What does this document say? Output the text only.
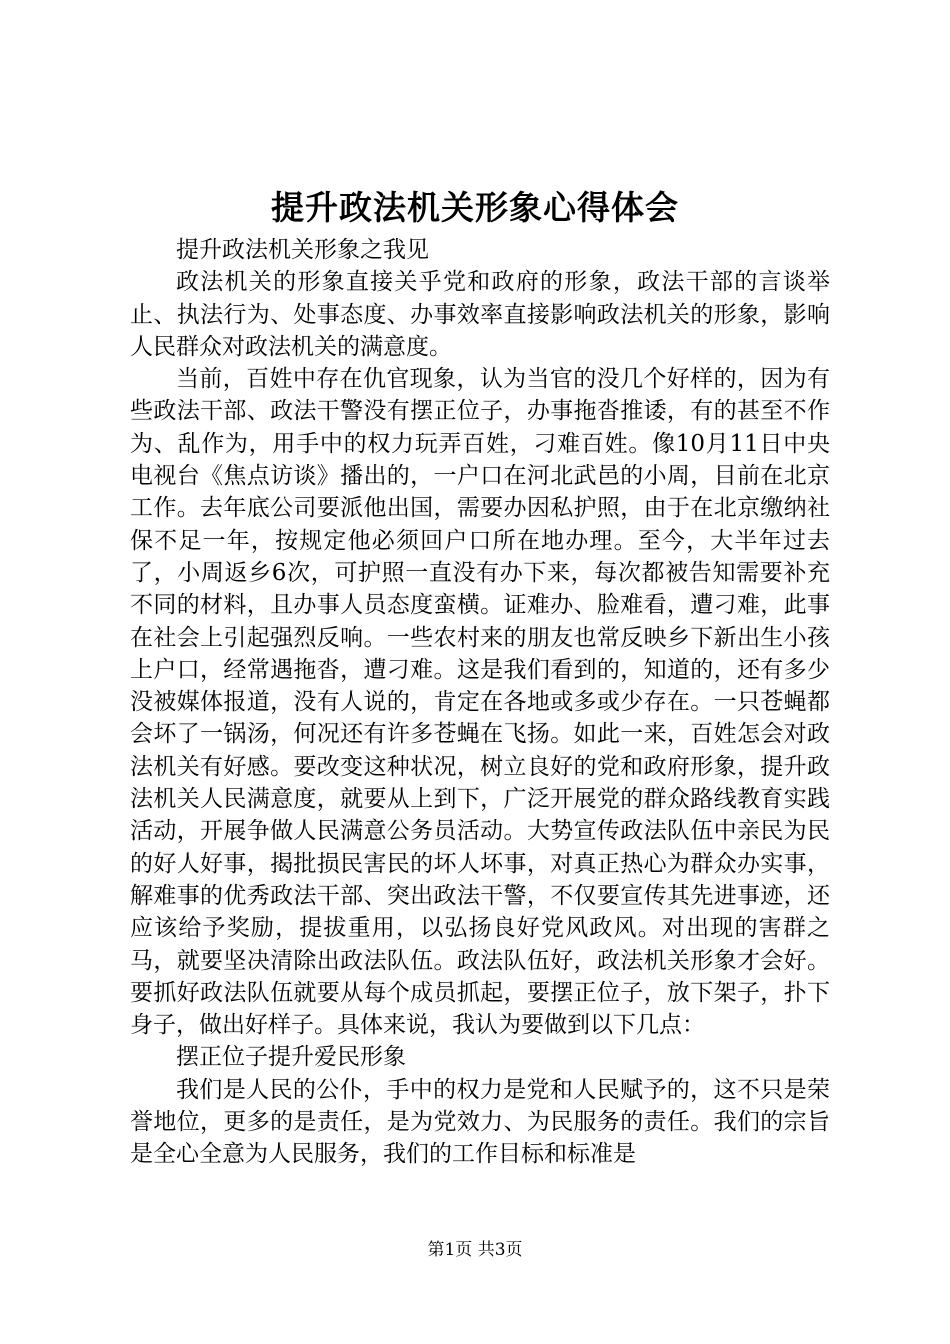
提升政法机关形象心得体会

提升政法机关形象之我见

政法机关的形象直接关乎党和政府的形象，政法干部的言谈举止、执法行为、处事态度、办事效率直接影响政法机关的形象，影响人民群众对政法机关的满意度。

当前，百姓中存在仇官现象，认为当官的没几个好样的，因为有些政法干部、政法干警没有摆正位子，办事拖沓推诿，有的甚至不作为、乱作为，用手中的权力玩弄百姓，刁难百姓。像10月11日中央电视台《焦点访谈》播出的，一户口在河北武邑的小周，目前在北京工作。去年底公司要派他出国，需要办因私护照，由于在北京缴纳社保不足一年，按规定他必须回户口所在地办理。至今，大半年过去了，小周返乡6次，可护照一直没有办下来，每次都被告知需要补充不同的材料，且办事人员态度蛮横。证难办、脸难看，遭刁难，此事在社会上引起强烈反响。一些农村来的朋友也常反映乡下新出生小孩上户口，经常遇拖沓，遭刁难。这是我们看到的，知道的，还有多少没被媒体报道，没有人说的，肯定在各地或多或少存在。一只苍蝇都会坏了一锅汤，何况还有许多苍蝇在飞扬。如此一来，百姓怎会对政法机关有好感。要改变这种状况，树立良好的党和政府形象，提升政法机关人民满意度，就要从上到下，广泛开展党的群众路线教育实践活动，开展争做人民满意公务员活动。大势宣传政法队伍中亲民为民的好人好事，揭批损民害民的坏人坏事，对真正热心为群众办实事，解难事的优秀政法干部、突出政法干警，不仅要宣传其先进事迹，还应该给予奖励，提拔重用，以弘扬良好党风政风。对出现的害群之马，就要坚决清除出政法队伍。政法队伍好，政法机关形象才会好。要抓好政法队伍就要从每个成员抓起，要摆正位子，放下架子，扑下身子，做出好样子。具体来说，我认为要做到以下几点：

摆正位子提升爱民形象

我们是人民的公仆，手中的权力是党和人民赋予的，这不只是荣誉地位，更多的是责任，是为党效力、为民服务的责任。我们的宗旨是全心全意为人民服务，我们的工作目标和标准是

第1页 共3页
